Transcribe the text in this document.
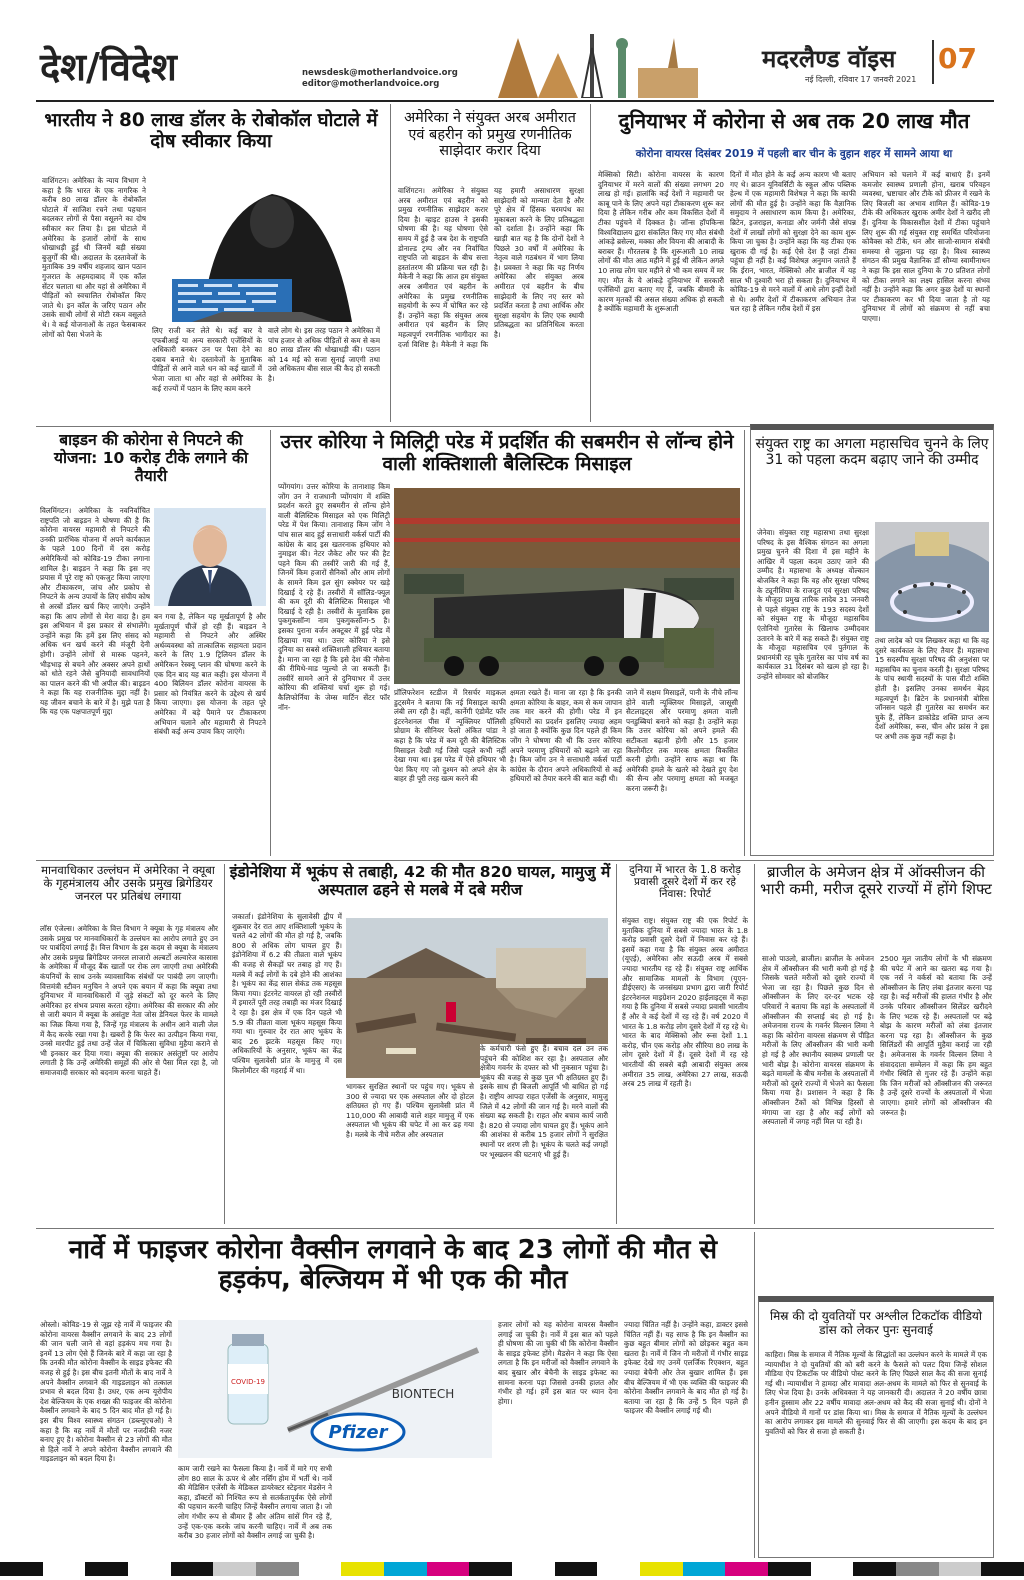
देश/विदेश	newsdesk@motherlandvoice.org
editor@motherlandvoice.org
मदरलैण्ड वॉइस
नई दिल्ली, रविवार 17 जनवरी 2021
07
भारतीय ने 80 लाख डॉलर के रोबोकॉल घोटाले में दोष स्वीकार किया
वाशिंगटन। अमेरिका के न्याय विभाग ने कहा है कि भारत के एक नागरिक ने करीब 80 लाख डॉलर के रोबोकॉल घोटाले में साजिश रचने तथा पहचान बदलकर लोगों से पैसा वसूलने का दोष स्वीकार कर लिया है। इस घोटाले में अमेरिका के हजारों लोगों के साथ धोखाधड़ी हुई थी जिनमें बड़ी संख्या बुजुर्गों की थी। अदालत के दस्तावेजों के मुताबिक 39 वर्षीय शहजाद खान पठान गुजरात के अहमदाबाद में एक कॉल सेंटर चलाता था और यहां से अमेरिका में पीड़ितों को स्वचालित रोबोकॉल किए जाते थे। इन कॉल के जरिए पठान और उसके साथी लोगों से मोटी रकम वसूलते थे। वे कई योजनाओं के तहत फेसबाकर लोगों को पैसा भेजने के	लिए राजी कर लेते थे। कई बार वे एफबीआई या अन्य सरकारी एजेंसियों के अधिकारी बनकर उन पर पैसा देने का दबाव बनाते थे। दस्तावेजों के मुताबिक पीड़ितों से आने वाले धन को कई खातों में भेजा जाता था और वहां से अमेरिका के कई राज्यों में पठान के लिए काम करने
वाले लोग थे। इस तरह पठान ने अमेरिका में पांच हजार से अधिक पीड़ितों से कम से कम 80 लाख डॉलर की धोखाधड़ी की। पठान को 14 मई को सजा सुनाई जाएगी तथा उसे अधिकतम बीस साल की कैद हो सकती है।
अमेरिका ने संयुक्त अरब अमीरात एवं बहरीन को प्रमुख रणनीतिक साझेदार करार दिया
वाशिंगटन। अमेरिका ने संयुक्त अरब अमीरात एवं बहरीन को प्रमुख रणनीतिक साझेदार करार दिया है। व्हाइट हाउस ने इसकी घोषणा की है। यह घोषणा ऐसे समय में हुई है जब देश के राष्ट्रपति डोनाल्ड ट्रम्प और नव निर्वाचित राष्ट्रपति जो बाइडन के बीच सत्ता हस्तांतरण की प्रक्रिया चल रही है। मैकेनी ने कहा कि आज हम संयुक्त अरब अमीरात एवं बहरीन के अमेरिका के प्रमुख रणनीतिक सहयोगी के रूप में घोषित कर रहे हैं। उन्होंने कहा कि संयुक्त अरब अमीरात एवं बहरीन के लिए महत्वपूर्ण रणनीतिक भागीदार का दर्जा विशिष्ट है। मैकेनी ने कहा कि यह हमारी असाधारण सुरक्षा साझेदारी को मान्यता देता है और पूरे क्षेत्र में हिंसक चरमपंथ का मुकाबला करने के लिए प्रतिबद्धता को दर्शाता है। उन्होंने कहा कि खाड़ी बात यह है कि दोनों देशों ने पिछले 30 वर्षों में अमेरिका के नेतृत्व वाले गठबंधन में भाग लिया है। प्रवक्ता ने कहा कि यह निर्णय अमेरिका और संयुक्त अरब अमीरात एवं बहरीन के बीच साझेदारी के लिए नए स्तर को प्रदर्शित करता है तथा आर्थिक और सुरक्षा सहयोग के लिए एक स्थायी प्रतिबद्धता का प्रतिनिधित्व करता है।
दुनियाभर में कोरोना से अब तक 20 लाख मौत
कोरोना वायरस दिसंबर 2019 में पहली बार चीन के वुहान शहर में सामने आया था
मेक्सिको सिटी। कोरोना वायरस के कारण दुनियाभर में मरने वालों की संख्या लगभग 20 लाख हो गई। हालांकि कई देशों ने महामारी पर काबू पाने के लिए अपने यहां टीकाकरण शुरू कर दिया है लेकिन गरीब और कम विकसित देशों में टीका पहुंचने में दिक्कत है। जॉन्स हॉपकिन्स विश्वविद्यालय द्वारा संकलित किए गए मौत संबंधी आंकड़े ब्रसेल्स, मक्का और वियना की आबादी के बराबर हैं। गौरतलब है कि शुरूआती 10 लाख लोगों की मौत आठ महीने में हुई थी लेकिन अगले 10 लाख लोग चार महीने से भी कम समय में मर गए। मौत के ये आंकड़े दुनियाभर में सरकारी एजेंसियों द्वारा बताए गए हैं, जबकि बीमारी के कारण मृतकों की असल संख्या अधिक हो सकती है क्योंकि महामारी के शुरूआती
दिनों में मौत होने के कई अन्य कारण भी बताए गए थे। ब्राउन यूनिवर्सिटी के स्कूल ऑफ पब्लिक हेल्थ में एक महामारी विशेषज्ञ ने कहा कि काफी लोगों की मौत हुई है। उन्होंने कहा कि वैज्ञानिक समुदाय ने असाधारण काम किया है। अमेरिका, ब्रिटेन, इजराइल, कनाडा और जर्मनी जैसे संपन्न देशों में लाखों लोगों को सुरक्षा देने का काम शुरू किया जा चुका है। उन्होंने कहा कि यह टीका एक खुराक दी गई है। कई ऐसे देश हैं जहां टीका पहुंचा ही नहीं है। कई विशेषज्ञ अनुमान जताते हैं कि ईरान, भारत, मेक्सिको और ब्राजील में यह साल भी दुश्वारी भरा हो सकता है। दुनियाभर में कोविड-19 से मरने वालों में आधे लोग इन्हीं देशों से थे। अमीर देशों में टीकाकरण अभियान तेज चल रहा है लेकिन गरीब देशों में इस
अभियान को चलाने में कई बाधाएं हैं। इनमें कमजोर स्वास्थ्य प्रणाली होना, खराब परिवहन व्यवस्था, भ्रष्टाचार और टीके को फ्रीजर में रखने के लिए बिजली का अभाव शामिल हैं। कोविड-19 टीके की अधिकतर खुराक अमीर देशों ने खरीद ली हैं। दुनिया के विकासशील देशों में टीका पहुंचाने लिए शुरू की गई संयुक्त राष्ट्र समर्थित परियोजना कोवैक्स को टीके, धन और साजो-सामान संबंधी समस्या से जूझना पड़ रहा है। विश्व स्वास्थ्य संगठन की प्रमुख वैज्ञानिक डॉ सौम्या स्वामीनाथन ने कहा कि इस साल दुनिया के 70 प्रतिशत लोगों को टीका लगाने का लक्ष्य हासिल करना संभव नहीं है। उन्होंने कहा कि अगर कुछ देशों या स्थानों पर टीकाकरण कर भी दिया जाता है तो यह दुनियाभर में लोगों को संक्रमण से नहीं बचा पाएगा।
बाइडन की कोरोना से निपटने की योजना: 10 करोड़ टीके लगाने की तैयारी
विलमिंगटन। अमेरिका के नवनिर्वाचित राष्ट्रपति जो बाइडन ने घोषणा की है कि कोरोना वायरस महामारी से निपटने की उनकी प्रारंभिक योजना में अपने कार्यकाल के पहले 100 दिनों में दस करोड़ अमेरिकियों को कोविड-19 टीका लगाना शामिल है। बाइडन ने कहा कि इस नए प्रयास में पूरे राष्ट्र को एकजुट किया जाएगा और टीकाकरण, जांच और प्रकोप से निपटने के अन्य उपायों के लिए संघीय कोष से अरबों डॉलर खर्च किए जाएंगे। उन्होंने कहा कि आप लोगों से मेरा वादा है। हम इस अभियान में इस प्रकार से संभालेंगे। उन्होंने कहा कि हमें इस लिए संसद को अधिक धन खर्च करने की मंजूरी देनी होगी। उन्होंने लोगों से मास्क पहनने, भीड़भाड़ से बचने और अक्सर अपने हाथों को धोते रहने जैसे बुनियादी सावधानियों का पालन करने की भी अपील की। बाइडन ने कहा कि यह राजनीतिक मुद्दा नहीं है। यह जीवन बचाने के बारे में है। मुझे पता है कि यह एक पक्षपातपूर्ण मुद्दा
बन गया है, लेकिन यह मूर्खतापूर्ण है और मूर्खतापूर्ण चीजें हो रही हैं। बाइडन ने महामारी से निपटने और अस्थिर अर्थव्यवस्था को तात्कालिक सहायता प्रदान करने के लिए 1.9 ट्रिलियन डॉलर के अमेरिकन रेस्क्यू प्लान की घोषणा करने के एक दिन बाद यह बात कही। इस योजना में 400 बिलियन डॉलर कोरोना वायरस के प्रसार को नियंत्रित करने के उद्देश्य से खर्च किया जाएगा। इस योजना के तहत पूरे अमेरिका में बड़े पैमाने पर टीकाकरण अभियान चलाने और महामारी से निपटने संबंधी कई अन्य उपाय किए जाएंगे।
उत्तर कोरिया ने मिलिट्री परेड में प्रदर्शित की सबमरीन से लॉन्च होने वाली शक्तिशाली बैलिस्टिक मिसाइल
प्योंगयांग। उत्तर कोरिया के तानाशाह किम जोंग उन ने राजधानी प्योंगयांग में शक्ति प्रदर्शन करते हुए सबमरीन से लॉन्च होने वाली बैलिस्टिक मिसाइल को एक मिलिट्री परेड में पेश किया। तानाशाह किम जोंग ने पांच साल बाद हुई सत्ताधारी वर्कर्स पार्टी की कांग्रेस के बाद इस खतरनाक हथियार को नुमाइश की। नेटर जैकेट और फर की हैट पहने किम की तस्वीरें जारी की गई हैं, जिनमें किम हजारों सैनिकों और आम लोगों के सामने किम इल सुंग स्क्वेयर पर खड़े दिखाई दे रहे हैं। तस्वीरों में सॉलिड-फ्यूल की कम दूरी की बैलिस्टिक मिसाइल भी दिखाई दे रही है। तस्वीरों के मुताबिक इस पुकगुकसॉन्ग नाम पुकगुकसॉन्ग-5 है। इसका पुराना वर्जन अक्टूबर में हुई परेड में दिखाया गया था। उत्तर कोरिया ने इसे दुनिया का सबसे शक्तिशाली हथियार बताया है। माना जा रहा है कि इसे देश की नौसेना की रीमिथे-माड प्युल्यो ले जा सकती हैं। तस्वीरें सामने आने से दुनियाभर में उत्तर कोरिया की शक्तियां चर्चा शुरू हो गई। कैलिफोर्निया के जेम्स मार्टिन सेंटर फॉर नॉन-
प्रॉलिफरेशन स्टडीज में रिसर्चर माइकल डुट्समैन ने बताया कि नई मिसाइल काफी लंबी लग रही है। वहीं, कार्नेगी एंडोमेंट फॉर इंटरनेशनल पीस में न्यूक्लियर पॉलिसी प्रोग्राम के सीनियर फेलो अंकित पांडा ने कहा है कि परेड में कम दूरी की बैलिस्टिक मिसाइल देखी गई जिसे पहले कभी नहीं देखा गया था। इस परेड में ऐसे हथियार भी पेश किए गए जो दुश्मन को अपने क्षेत्र के बाहर ही पूरी तरह खत्म करने की
क्षमता रखते हैं। माना जा रहा है कि इनकी क्षमता कोरिया के बाहर, कम से कम जापान तक मार करने की होगी। परेड में इन हथियारों का प्रदर्शन इसलिए ज्यादा अहम हो जाता है क्योंकि कुछ दिन पहले ही किम जोंग ने घोषणा की थी कि उत्तर कोरिया अपने परमाणु हथियारों को बढ़ाने जा रहा है। किम जोंग उन ने सत्ताधारी वर्कर्स पार्टी कांग्रेस के दौरान अपने अधिकारियों से कई हथियारों को तैयार करने की बात कही थी।
जाने में सक्षम मिसाइलें, पानी के नीचे लॉन्च होने वाली न्यूक्लियर मिसाइलें, जासूसी सैटलाइट्स और परमाणु क्षमता वाली पनडुब्बियां बनाने को कहा है। उन्होंने कहा कि उत्तर कोरिया को अपने हमले की सटीकता बढ़ानी होगी और 15 हजार किलोमीटर तक मारक क्षमता विकसित करनी होगी। उन्होंने साफ कहा था कि अमेरिकी हमले के खतरे को देखते हुए देश की सैन्य और परमाणु क्षमता को मजबूत करना जरूरी है।
संयुक्त राष्ट्र का अगला महासचिव चुनने के लिए 31 को पहला कदम बढ़ाए जाने की उम्मीद
जेनेवा। संयुक्त राष्ट्र महासभा तथा सुरक्षा परिषद के इस वैश्विक संगठन का अगला प्रमुख चुनने की दिशा में इस महीने के आखिर में पहला कदम उठाए जाने की उम्मीद है। महासभा के अध्यक्ष वोल्कान बोजकिर ने कहा कि वह और सुरक्षा परिषद के ट्यूनीशिया के राजदूत एवं सुरक्षा परिषद के मौजूदा प्रमुख तारिक लादेब 31 जनवरी से पहले संयुक्त राष्ट्र के 193 सदस्य देशों को संयुक्त राष्ट्र के मौजूदा महासचिव एंतोनियो गुतारेस के खिलाफ उम्मीदवार उतारने के बारे में कह सकते हैं। संयुक्त राष्ट्र के मौजूदा महासचिव एवं पुर्तगाल के प्रधानमंत्री रह चुके गुतारेस का पांच वर्ष का कार्यकाल 31 दिसंबर को खत्म हो रहा है। उन्होंने सोमवार को बोजकिर
तथा लादेब को पत्र लिखकर कहा था कि वह दूसरे कार्यकाल के लिए तैयार हैं। महासभा 15 सदस्यीय सुरक्षा परिषद की अनुशंसा पर महासचिव का चुनाव करती है। सुरक्षा परिषद के पांच स्थायी सदस्यों के पास वीटो शक्ति होती है। इसलिए उनका समर्थन बेहद महत्वपूर्ण है। ब्रिटेन के प्रधानमंत्री बोरिस जॉनसन पहले ही गुतारेस का समर्थन कर चुके हैं, लेकिन डाकोडेड शक्ति प्राप्त अन्य देशों अमेरिका, रूस, चीन और फ्रांस ने इस पर अभी तक कुछ नहीं कहा है।
मानवाधिकार उल्लंघन में अमेरिका ने क्यूबा के गृहमंत्रालय और उसके प्रमुख ब्रिगेडियर जनरल पर प्रतिबंध लगाया
लॉस एंजेल्स। अमेरिका के वित्त विभाग ने क्यूबा के गृह मंत्रालय और उसके प्रमुख पर मानवाधिकारों के उल्लंघन का आरोप लगाते हुए उन पर पाबंदियां लगाई हैं। वित्त विभाग के इस कदम से क्यूबा के मंत्रालय और उसके प्रमुख ब्रिगेडियर जनरल लाजारो अल्बर्टो अल्वारेज कासास के अमेरिका में मौजूद बैंक खातों पर रोक लग जाएगी तथा अमेरिकी कंपनियों के साथ उनके व्यावसायिक संबंधों पर पाबंदी लग जाएगी। वित्तमंत्री स्टीवन मनुचिन ने अपने एक बयान में कहा कि क्यूबा तथा दुनियाभर में मानवाधिकारों में जुड़े संकटों को दूर करने के लिए अमेरिका हर संभव प्रयास करता रहेगा। अमेरिका की सरकार की ओर से जारी बयान में क्यूबा के असंतुष्ट नेता जोस डेनियल फेरर के मामले का जिक्र किया गया है, जिन्हें गृह मंत्रालय के अधीन आने वाली जेल में कैद करके रखा गया है। खबरों है कि फेरर का उत्पीड़न किया गया, उनसे मारपीट हुई तथा उन्हें जेल में चिकित्सा सुविधा मुहैया कराने से भी इनकार कर दिया गया। क्यूबा की सरकार असंतुष्टों पर आरोप लगाती है कि उन्हें अमेरिकी समूहों की ओर से पैसा मिल रहा है, जो समाजवादी सरकार को बदनाम करना चाहते हैं।
इंडोनेशिया में भूकंप से तबाही, 42 की मौत 820 घायल, मामुजु में अस्पताल ढहने से मलबे में दबे मरीज
जकार्ता। इंडोनेशिया के सुलावेसी द्वीप में शुक्रवार देर रात आए शक्तिशाली भूकंप के चलते 42 लोगों की मौत हो गई है, जबकि 800 से अधिक लोग घायल हुए हैं। इंडोनेशिया में 6.2 की तीव्रता वाले भूकंप की वजह से सैकड़ों घर तबाह हो गए हैं। मलबे में कई लोगों के दबे होने की आशंका है। भूकंप का केंद्र साल सेकंड तक महसूस किया गया। इंटरनेट वायरल हो रही तस्वीरों में इमारतें पूरी तरह तबाही का मंजर दिखाई दे रहा है। इस क्षेत्र में एक दिन पहले भी 5.9 की तीव्रता वाला भूकंप महसूस किया गया था। गुरुवार देर रात आए भूकंप के बाद 26 झटके महसूस किए गए। अधिकारियों के अनुसार, भूकंप का केंद्र पश्चिम सुलावेसी प्रांत के मामुजु में दस किलोमीटर की गहराई में था।
भागकर सुरक्षित स्थानों पर पहुंच गए। भूकंप से 300 से ज्यादा घर एक अस्पताल और दो होटल क्षतिग्रस्त हो गए हैं। पश्चिम सुलावेसी प्रांत में 110,000 की आबादी वाले शहर मामुजु में एक अस्पताल भी भूकंप की चपेट में आ कर ढह गया है। मलबे के नीचे मरीज और अस्पताल
के कर्मचारी फंसे हुए हैं। बचाव दल उन तक पहुंचने की कोशिश कर रहा है। अस्पताल और क्षेत्रीय गवर्नर के दफ्तर को भी नुकसान पहुंचा है। भूकंप की वजह से कुछ पुल भी क्षतिग्रस्त हुए हैं। इसके साथ ही बिजली आपूर्ति भी बाधित हो गई है। राष्ट्रीय आपदा राहत एजेंसी के अनुसार, मामुजु जिले में 42 लोगों की जान गई है। मरने वालों की संख्या बढ़ सकती है। राहत और बचाव कार्य जारी है। 820 से ज्यादा लोग घायल हुए हैं। भूकंप आने की आशंका से करीब 15 हजार लोगों ने सुरक्षित स्थानों पर शरण ली है। भूकंप के चलते कई जगहों पर भूस्खलन की घटनाएं भी हुई हैं।
दुनिया में भारत के 1.8 करोड़ प्रवासी दूसरे देशों में कर रहे निवास: रिपोर्ट
संयुक्त राष्ट्र। संयुक्त राष्ट्र की एक रिपोर्ट के मुताबिक दुनिया में सबसे ज्यादा भारत के 1.8 करोड़ प्रवासी दूसरे देशों में निवास कर रहे हैं। इसमें कहा गया है कि संयुक्त अरब अमीरात (यूएई), अमेरिका और सऊदी अरब में सबसे ज्यादा भारतीय रह रहे हैं। संयुक्त राष्ट्र आर्थिक और सामाजिक मामलों के विभाग (यूएन-डीईएसए) के जनसंख्या प्रभाग द्वारा जारी रिपोर्ट इंटरनेशनल माइग्रेशन 2020 हाईलाइट्स में कहा गया है कि दुनिया में सबसे ज्यादा प्रवासी भारतीय हैं और वे कई देशों में रह रहे हैं। वर्ष 2020 में भारत के 1.8 करोड़ लोग दूसरे देशों में रह रहे थे। भारत के बाद मेक्सिको और रूस देशों 1.1 करोड़, चीन एक करोड़ और सीरिया 80 लाख के लोग दूसरे देशों में हैं। दूसरे देशों में रह रहे भारतीयों की सबसे बड़ी आबादी संयुक्त अरब अमीरात 35 लाख, अमेरिका 27 लाख, सऊदी अरब 25 लाख में रहती है।
ब्राजील के अमेजन क्षेत्र में ऑक्सीजन की भारी कमी, मरीज दूसरे राज्यों में होंगे शिफ्ट
साओ पाउलो, ब्राजील। ब्राजील के अमेजन क्षेत्र में ऑक्सीजन की भारी कमी हो गई है जिसके चलते मरीजों को दूसरे राज्यों में भेजा जा रहा है। पिछले कुछ दिन से ऑक्सीजन के लिए दर-दर भटक रहे परिवारों ने बताया कि वहां के अस्पतालों में ऑक्सीजन की सप्लाई बंद हो गई है। अमेजनास राज्य के गवर्नर विल्सन लिमा ने कहा कि कोरोना वायरस संक्रमण से पीड़ित मरीजों के लिए ऑक्सीजन की भारी कमी हो गई है और स्थानीय स्वास्थ्य प्रणाली पर भारी बोझ है। कोरोना वायरस संक्रमण के बढ़ते मामलों के बीच मनौस के अस्पतालों में मरीजों को दूसरे राज्यों में भेजने का फैसला किया गया है। प्रशासन ने कहा है कि ऑक्सीजन टैंकों को विभिन्न हिस्सों से मंगाया जा रहा है और कई लोगों को अस्पतालों में जगह नहीं मिल पा रही है।
2500 मूल जातीय लोगों के भी संक्रमण की चपेट में आने का खतरा बढ़ गया है। एक नर्स ने वर्कर्स को बताया कि उन्हें ऑक्सीजन के लिए लंबा इंतजार करना पड़ रहा है। कई मरीजों की हालत गंभीर है और उनके परिवार ऑक्सीजन सिलेंडर खरीदने के लिए भटक रहे हैं। अस्पतालों पर बढ़े बोझ के कारण मरीजों को लंबा इंतजार करना पड़ रहा है। ऑक्सीजन के कुछ सिलिंडरों की आपूर्ति मुहैया कराई जा रही है। अमेजनास के गवर्नर विल्सन लिमा ने संवाददाता सम्मेलन में कहा कि हम बहुत गंभीर स्थिति से गुजर रहे हैं। उन्होंने कहा कि जिन मरीजों को ऑक्सीजन की जरूरत है उन्हें दूसरे राज्यों के अस्पतालों में भेजा जाएगा। हमारे लोगों को ऑक्सीजन की जरूरत है।
नार्वे में फाइजर कोरोना वैक्सीन लगवाने के बाद 23 लोगों की मौत से हड़कंप, बेल्जियम में भी एक की मौत
ओस्लो। कोविड-19 से जूझ रहे नार्वे में फाइजर की कोरोना वायरस वैक्सीन लगवाने के बाद 23 लोगों की जान चली जाने से वहां हड़कंप मच गया है। इनमें 13 लोग ऐसे हैं जिनके बारे में कहा जा रहा है कि उनकी मौत कोरोना वैक्सीन के साइड इफेक्ट की वजह से हुई है। इस बीच इतनी मौतों के बाद नार्वे ने अपने वैक्सीन लगवाने की गाइडलाइन को तत्काल प्रभाव से बदल दिया है। उधर, एक अन्य यूरोपीय देश बेल्जियम के एक शख्स की फाइजर की कोरोना वैक्सीन लगवाने के बाद 5 दिन बाद मौत हो गई है। इस बीच विश्व स्वास्थ्य संगठन (डब्ल्यूएचओ) ने कहा है कि वह नार्वे में मौतों पर नजदीकी नजर बनाए हुए है। कोरोना वैक्सीन से 23 लोगों की मौत से हिले नार्वे ने अपने कोरोना वैक्सीन लगवाने की गाइडलाइन को बदल दिया है।
COVID-19
Pfizer
BIONTECH
काम जारी रखने का फैसला किया है। नार्वे में मारे गए सभी लोग 80 साल के ऊपर थे और नर्सिंग होम में भर्ती थे। नार्वे की मेडिसिन एजेंसी के मेडिकल डायरेक्टर स्टेइनार मेडसेन ने कहा, डॉक्टरों को निश्चित रूप से सतर्कतापूर्वक ऐसे लोगों की पहचान करनी चाहिए जिन्हें वैक्सीन लगाया जाता है। जो लोग गंभीर रूप से बीमार हैं और अंतिम सांसें गिन रहे हैं, उन्हें एक-एक करके जांच करनी चाहिए। नार्वे में अब तक करीब 30 हजार लोगों को वैक्सीन लगाई जा चुकी है।
हजार लोगों को यह कोरोना वायरस वैक्सीन लगाई जा चुकी है। नार्वे में इस बात को पहले ही घोषणा की जा चुकी थी कि कोरोना वैक्सीन के साइड इफेक्ट होंगे। मैडसेन ने कहा कि ऐसा लगता है कि इन मरीजों को वैक्सीन लगवाने के बाद बुखार और बेचैनी के साइड इफेक्ट का सामना करना पड़ा जिससे उनकी हालत और गंभीर हो गई। हमें इस बात पर ध्यान देना होगा।
ज्यादा चिंतित नहीं है। उन्होंने कहा, डाक्टर इससे चिंतित नहीं हैं। यह साफ है कि इन वैक्सीन का कुछ बहुत बीमार लोगों को छोड़कर बहुत कम खतरा है। नार्वे में जिन नौ मरीजों में गंभीर साइड इफेक्ट देखे गए उनमें एलर्जिक रिएक्शन, बहुत ज्यादा बेचैनी और तेज बुखार शामिल हैं। इस बीच बेल्जियम में भी एक व्यक्ति की फाइजर की कोरोना वैक्सीन लगवाने के बाद मौत हो गई है। बताया जा रहा है कि उन्हें 5 दिन पहले ही फाइजर की वैक्सीन लगाई गई थी।
मिस्र की दो युवतियों पर अश्लील टिकटॉक वीडियो डांस को लेकर पुनः सुनवाई
काहिरा। मिस्र के समाज में नैतिक मूल्यों के सिद्धांतों का उल्लंघन करने के मामले में एक न्यायाधीश ने दो युवतियों की को बरी करने के फैसले को पलट दिया जिन्हें सोशल मीडिया ऐप टिकटॉक पर वीडियो पोस्ट करने के लिए पिछले साल कैद की सजा सुनाई गई थी। न्यायाधीश ने हामदा और मावादा अल-अधम के मामले को फिर से सुनवाई के लिए भेज दिया है। उनके अधिवक्ता ने यह जानकारी दी। अदालत ने 20 वर्षीय छात्रा हनीन हुस्साम और 22 वर्षीय मावादा अल-अधम को कैद की सजा सुनाई थी। दोनों ने अपने वीडियो में गानों पर डांस किया था। मिस्र के समाज में नैतिक मूल्यों के उल्लंघन का आरोप लगाकर इस मामले की सुनवाई फिर से की जाएगी। इस कदम के बाद इन युवतियों को फिर से सजा हो सकती है।
